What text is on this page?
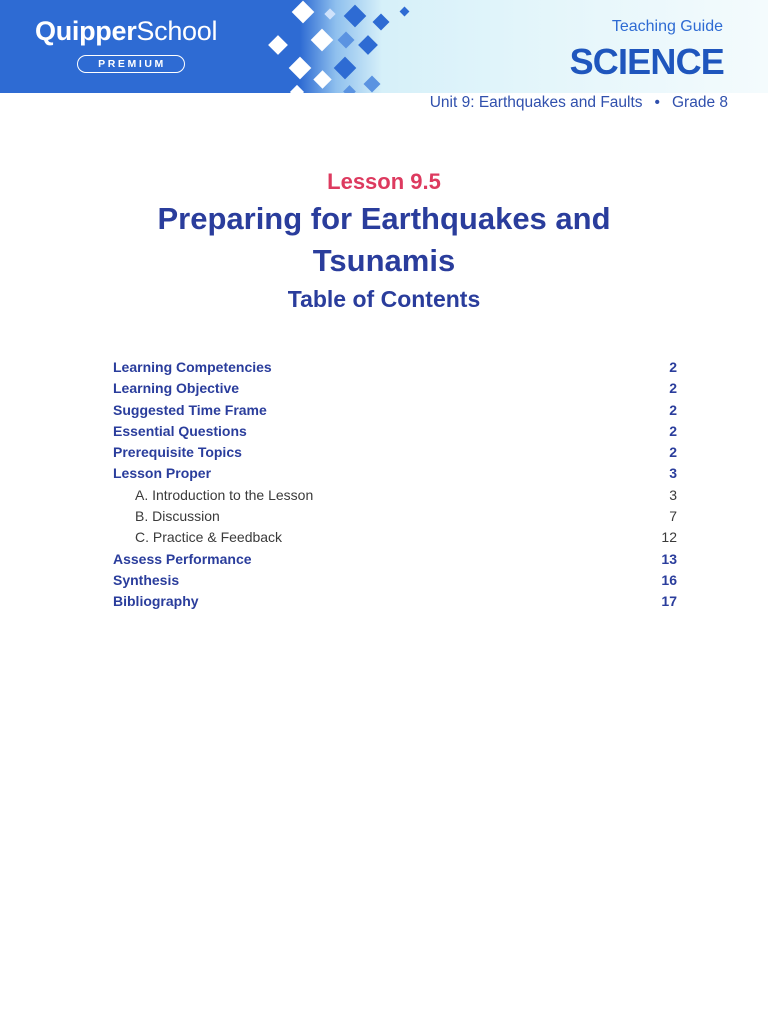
QuipperSchool
PREMIUM
Teaching Guide
SCIENCE
Unit 9: Earthquakes and Faults • Grade 8
Lesson 9.5
Preparing for Earthquakes and Tsunamis
Table of Contents
Learning Competencies	2
Learning Objective	2
Suggested Time Frame	2
Essential Questions	2
Prerequisite Topics	2
Lesson Proper	3
A. Introduction to the Lesson	3
B. Discussion	7
C. Practice & Feedback	12
Assess Performance	13
Synthesis	16
Bibliography	17
